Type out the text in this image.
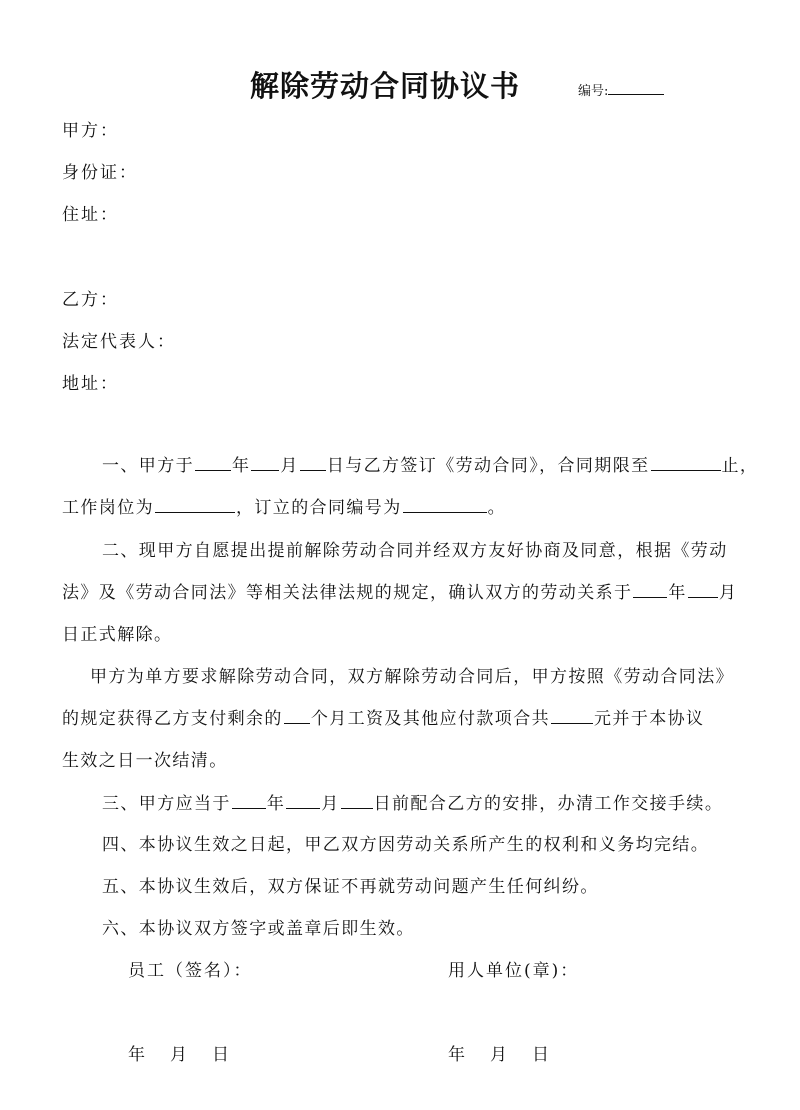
解除劳动合同协议书	编号:
甲方：
身份证：
住址：
乙方：
法定代表人：
地址：
一、甲方于 年 月 日与乙方签订《劳动合同》，合同期限至	止，
工作岗位为	，订立的合同编号为	。
二、现甲方自愿提出提前解除劳动合同并经双方友好协商及同意，根据《劳动
法》及《劳动合同法》等相关法律法规的规定，确认双方的劳动关系于 年 月
日正式解除。
甲方为单方要求解除劳动合同，双方解除劳动合同后，甲方按照《劳动合同法》
的规定获得乙方支付剩余的 个月工资及其他应付款项合共	元并于本协议
生效之日一次结清。
三、甲方应当于 年 月 日前配合乙方的安排，办清工作交接手续。
四、本协议生效之日起，甲乙双方因劳动关系所产生的权利和义务均完结。
五、本协议生效后，双方保证不再就劳动问题产生任何纠纷。
六、本协议双方签字或盖章后即生效。
员工（签名）：	用人单位(章)：
年　月　日	年　月　日
